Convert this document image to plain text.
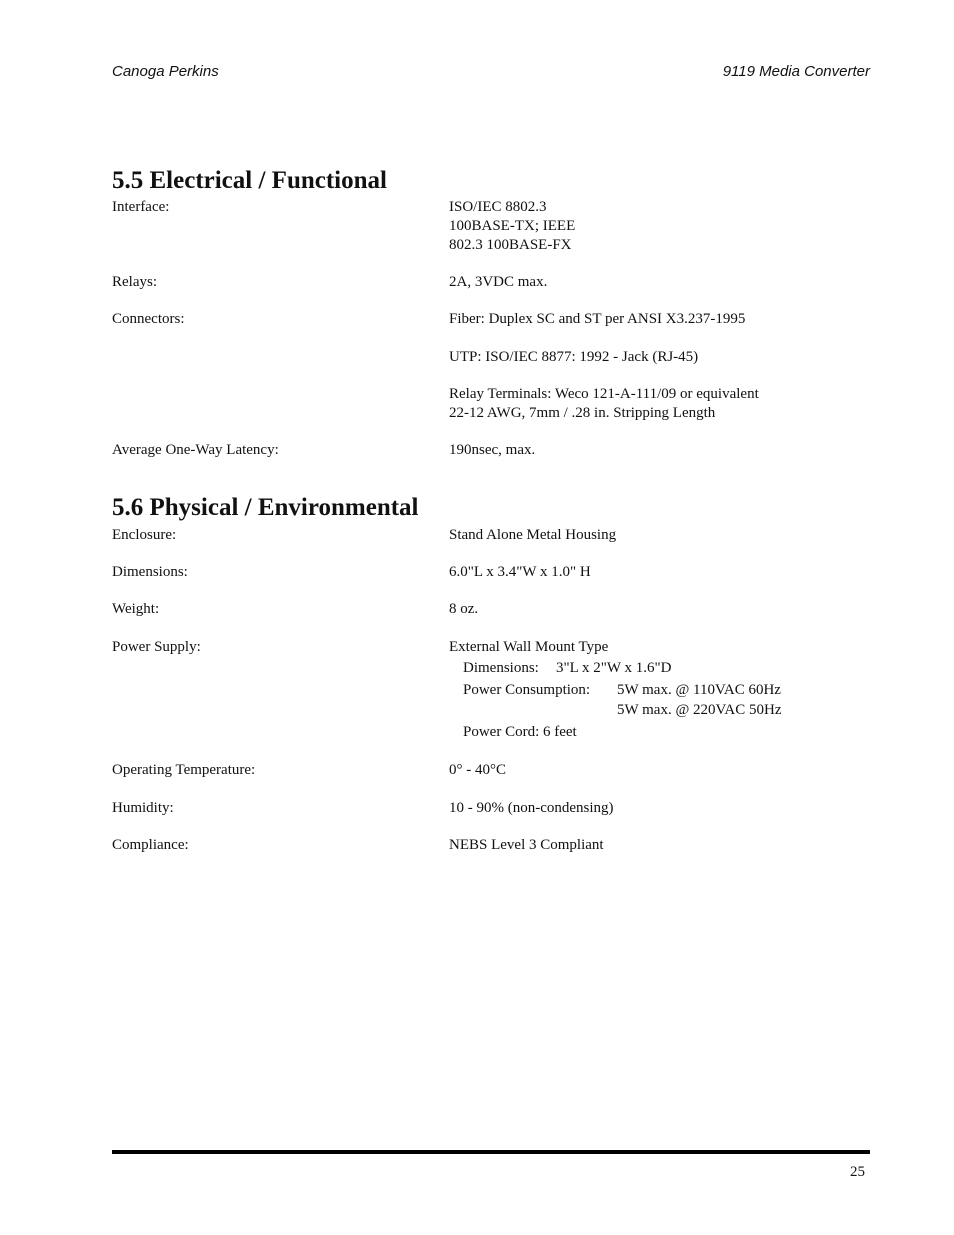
Canoga Perkins	9119 Media Converter
5.5 Electrical / Functional
Interface:	ISO/IEC 8802.3
100BASE-TX; IEEE
802.3 100BASE-FX
Relays:	2A, 3VDC max.
Connectors:	Fiber: Duplex SC and ST per ANSI X3.237-1995
UTP: ISO/IEC 8877: 1992 - Jack (RJ-45)
Relay Terminals: Weco 121-A-111/09 or equivalent
22-12 AWG, 7mm / .28 in. Stripping Length
Average One-Way Latency:	190nsec, max.
5.6 Physical / Environmental
Enclosure:	Stand Alone Metal Housing
Dimensions:	6.0"L x 3.4"W x 1.0" H
Weight:	8 oz.
Power Supply:	External Wall Mount Type
Dimensions: 3"L x 2"W x 1.6"D
Power Consumption: 5W max. @ 110VAC 60Hz
5W max. @ 220VAC 50Hz
Power Cord: 6 feet
Operating Temperature:	0° - 40°C
Humidity:	10 - 90% (non-condensing)
Compliance:	NEBS Level 3 Compliant
25
